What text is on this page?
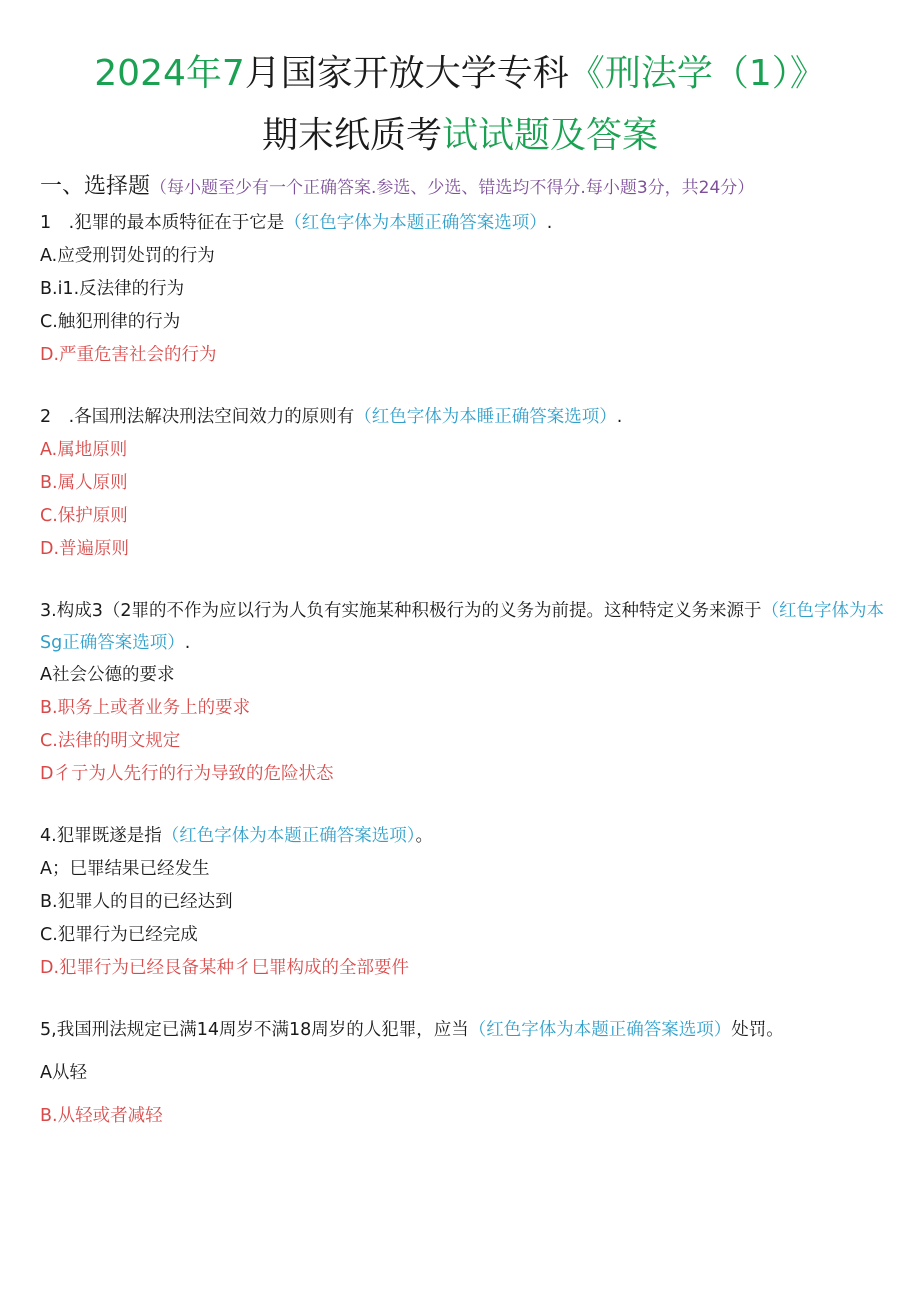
2024年7月国家开放大学专科《刑法学（1）》
期末纸质考试试题及答案
一、选择题（每小题至少有一个正确答案.参选、少选、错选均不得分.每小题3分，共24分）
1　.犯罪的最本质特征在于它是（红色字体为本题正确答案选项）.
A.应受刑罚处罚的行为
B.i1.反法律的行为
C.触犯刑律的行为
D.严重危害社会的行为
2　.各国刑法解决刑法空间效力的原则有（红色字体为本睡正确答案选项）.
A.属地原则
B.属人原则
C.保护原则
D.普遍原则
3.构成3（2罪的不作为应以行为人负有实施某种积极行为的义务为前提。这种特定义务来源于（红色字体为本Sg正确答案选项）.
A社会公德的要求
B.职务上或者业务上的要求
C.法律的明文规定
D彳亍为人先行的行为导致的危险状态
4.犯罪既遂是指（红色字体为本题正确答案选项）。
A；巳罪结果已经发生
B.犯罪人的目的已经达到
C.犯罪行为已经完成
D.犯罪行为已经艮备某种彳巳罪构成的全部要件
5,我国刑法规定已满14周岁不满18周岁的人犯罪，应当（红色字体为本题正确答案选项）处罚。
A从轻
B.从轻或者减轻
